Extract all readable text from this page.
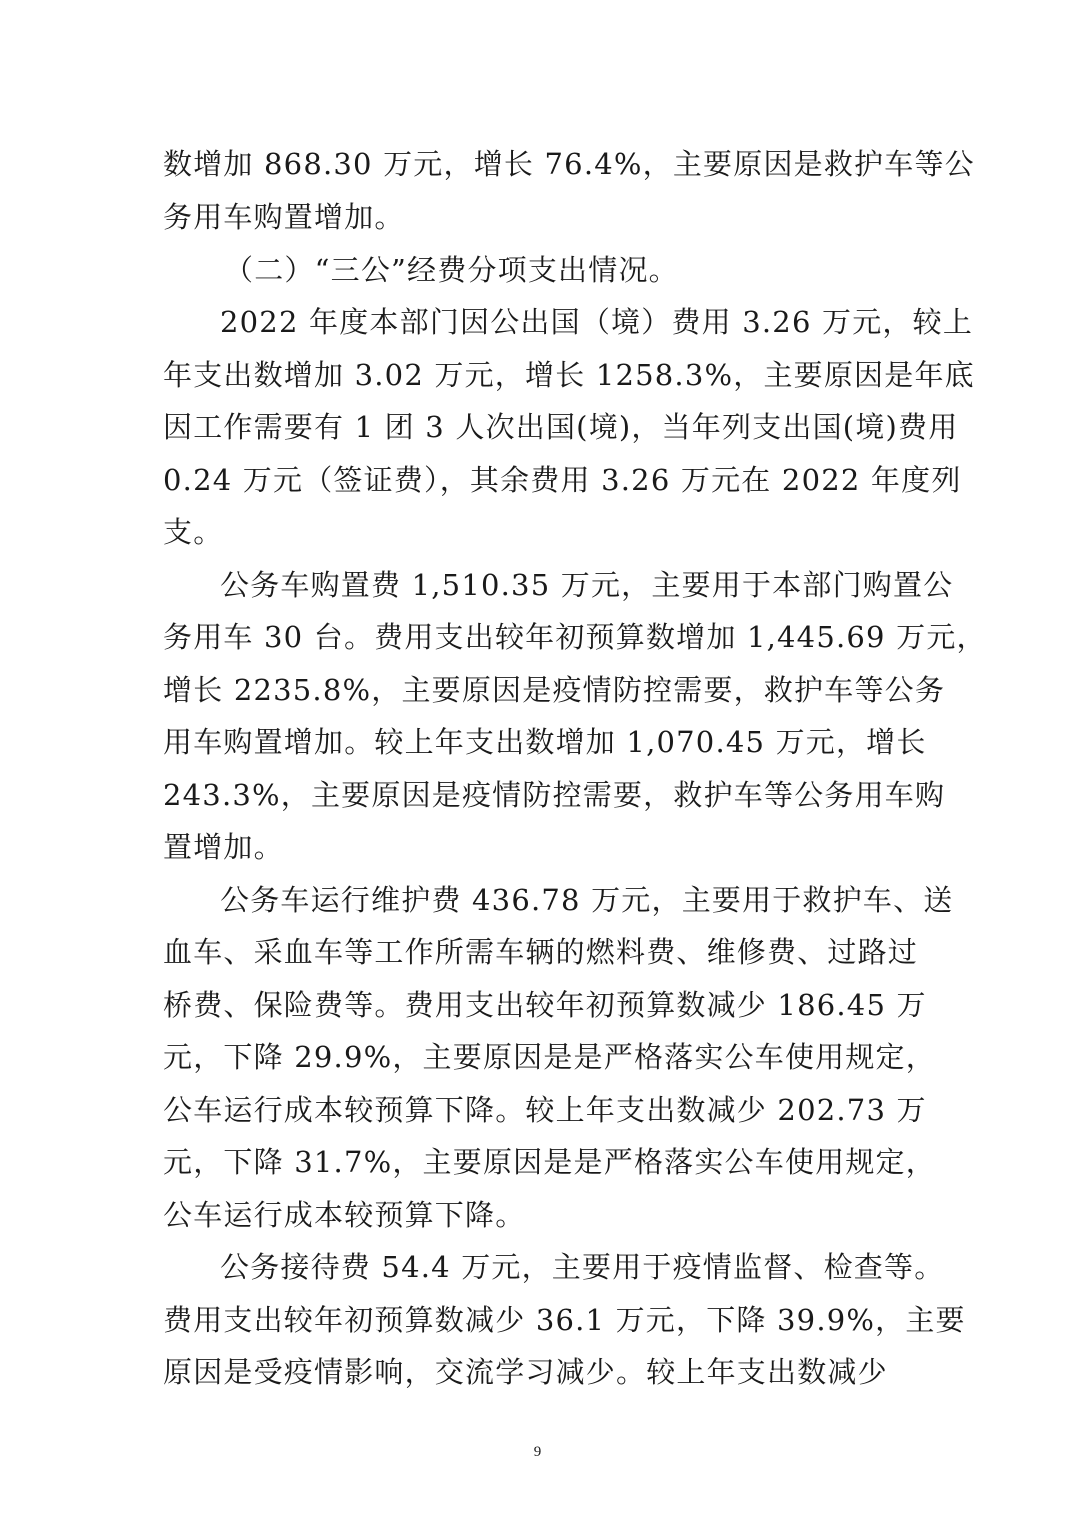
数增加 868.30 万元，增长 76.4%，主要原因是救护车等公
务用车购置增加。
（二）“三公”经费分项支出情况。
2022 年度本部门因公出国（境）费用 3.26 万元，较上
年支出数增加 3.02 万元，增长 1258.3%，主要原因是年底
因工作需要有 1 团 3 人次出国(境)，当年列支出国(境)费用
0.24 万元（签证费），其余费用 3.26 万元在 2022 年度列
支。
公务车购置费 1,510.35 万元，主要用于本部门购置公
务用车 30 台。费用支出较年初预算数增加 1,445.69 万元，
增长 2235.8%，主要原因是疫情防控需要，救护车等公务
用车购置增加。较上年支出数增加 1,070.45 万元，增长
243.3%，主要原因是疫情防控需要，救护车等公务用车购
置增加。
公务车运行维护费 436.78 万元，主要用于救护车、送
血车、采血车等工作所需车辆的燃料费、维修费、过路过
桥费、保险费等。费用支出较年初预算数减少 186.45 万
元，下降 29.9%，主要原因是是严格落实公车使用规定，
公车运行成本较预算下降。较上年支出数减少 202.73 万
元，下降 31.7%，主要原因是是严格落实公车使用规定，
公车运行成本较预算下降。
公务接待费 54.4 万元，主要用于疫情监督、检查等。
费用支出较年初预算数减少 36.1 万元，下降 39.9%，主要
原因是受疫情影响，交流学习减少。较上年支出数减少
9
